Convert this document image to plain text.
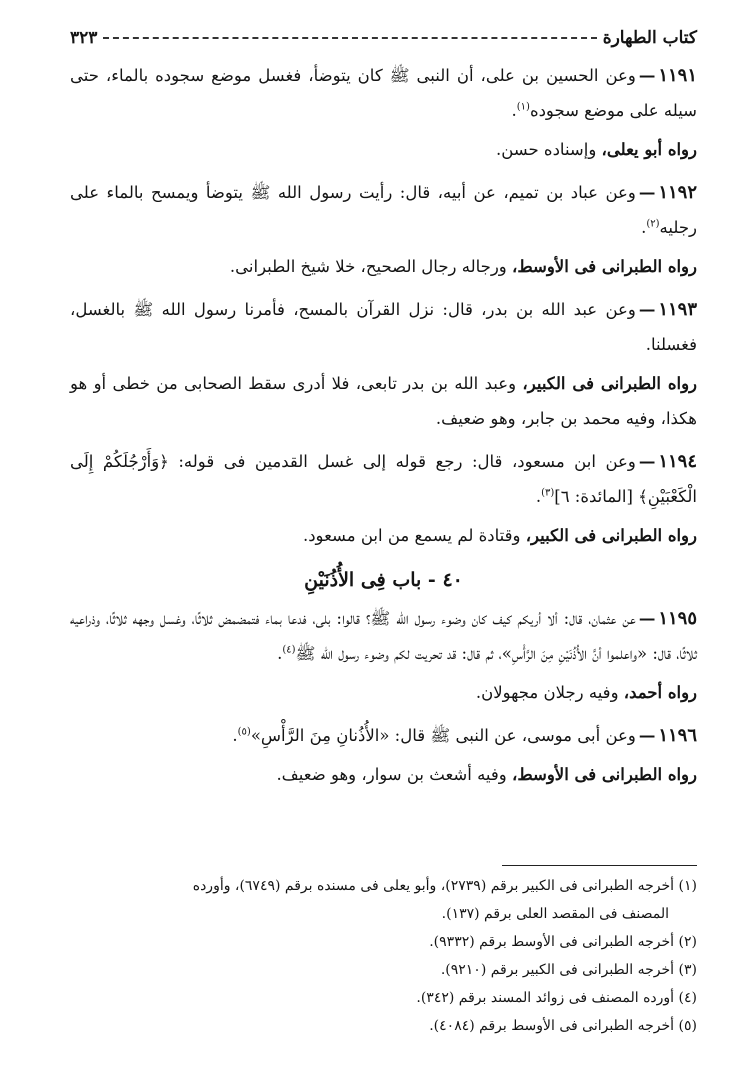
كتاب الطهارة
٣٢٣
١١٩١—وعن الحسين بن على، أن النبى ﷺ كان يتوضأ، فغسل موضع سجوده بالماء، حتى سيله على موضع سجوده$^{(١)}$.
رواه أبو يعلى، وإسناده حسن.
١١٩٢—وعن عباد بن تميم، عن أبيه، قال: رأيت رسول الله ﷺ يتوضأ ويمسح بالماء على رجليه$^{(٢)}$.
رواه الطبرانى فى الأوسط، ورجاله رجال الصحيح، خلا شيخ الطبرانى.
١١٩٣—وعن عبد الله بن بدر، قال: نزل القرآن بالمسح، فأمرنا رسول الله ﷺ بالغسل، فغسلنا.
رواه الطبرانى فى الكبير، وعبد الله بن بدر تابعى، فلا أدرى سقط الصحابى من خطى أو هو هكذا، وفيه محمد بن جابر، وهو ضعيف.
١١٩٤—وعن ابن مسعود، قال: رجع قوله إلى غسل القدمين فى قوله: ﴿وَأَرْجُلَكُمْ إِلَى الْكَعْبَيْنِ﴾ [المائدة: ٦]$^{(٣)}$.
رواه الطبرانى فى الكبير، وقتادة لم يسمع من ابن مسعود.
٤٠ - باب فِى الأُذُنَيْنِ
١١٩٥—عن عثمان، قال: ألا أريكم كيف كان وضوء رسول الله ﷺ؟ قالوا: بلى، فدعا بماء فتمضمض ثلاثًا، وغسل وجهه ثلاثًا، وذراعيه ثلاثًا، قال: «واعلموا أنَّ الأُذُنَيْنِ مِنَ الرَّأْسِ»، ثم قال: قد تحريت لكم وضوء رسول الله ﷺ$^{(٤)}$.
رواه أحمد، وفيه رجلان مجهولان.
١١٩٦—وعن أبى موسى، عن النبى ﷺ قال: «الأُذُنانِ مِنَ الرَّأْسِ»$^{(٥)}$.
رواه الطبرانى فى الأوسط، وفيه أشعث بن سوار، وهو ضعيف.

(١) أخرجه الطبرانى فى الكبير برقم (٢٧٣٩)، وأبو يعلى فى مسنده برقم (٦٧٤٩)، وأورده
المصنف فى المقصد العلى برقم (١٣٧).

(٢) أخرجه الطبرانى فى الأوسط برقم (٩٣٣٢).

(٣) أخرجه الطبرانى فى الكبير برقم (٩٢١٠).

(٤) أورده المصنف فى زوائد المسند برقم (٣٤٢).

(٥) أخرجه الطبرانى فى الأوسط برقم (٤٠٨٤).
